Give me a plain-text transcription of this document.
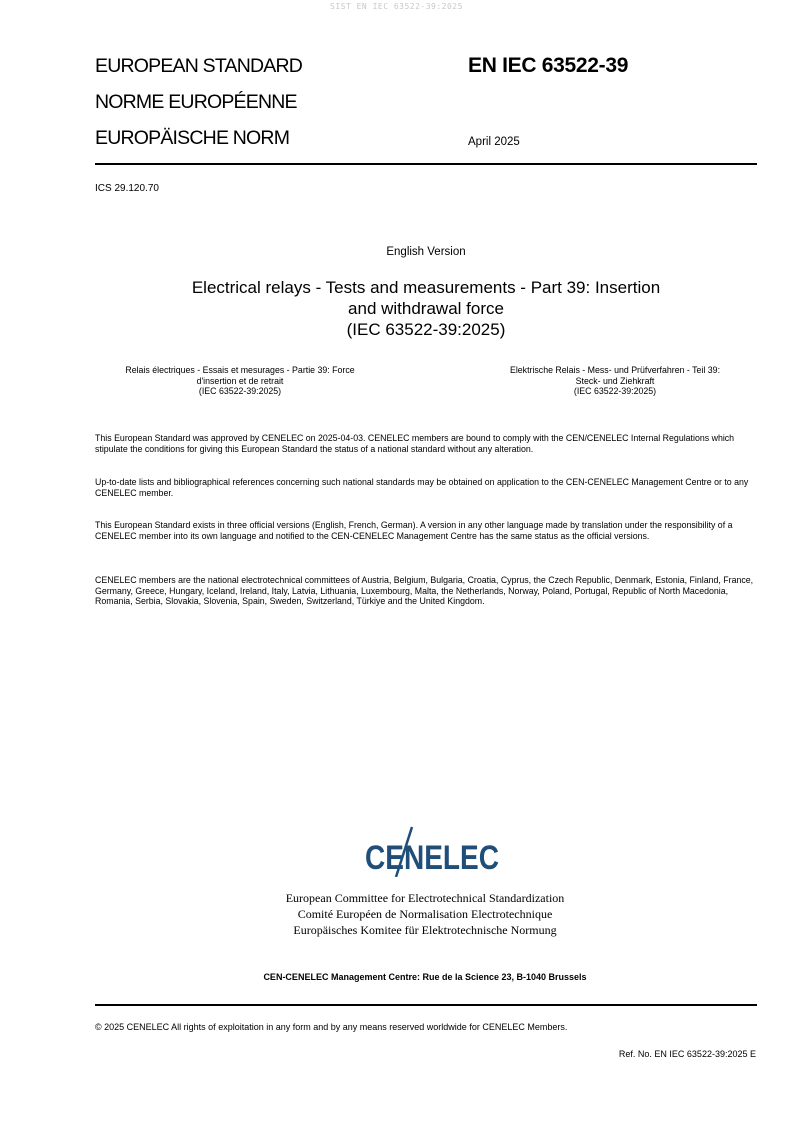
SIST EN IEC 63522-39:2025
EUROPEAN STANDARD
NORME EUROPÉENNE
EUROPÄISCHE NORM
EN IEC 63522-39
April 2025
ICS 29.120.70
English Version
Electrical relays - Tests and measurements - Part 39: Insertion
and withdrawal force
(IEC 63522-39:2025)
Relais électriques - Essais et mesurages - Partie 39: Force
d'insertion et de retrait
(IEC 63522-39:2025)
Elektrische Relais - Mess- und Prüfverfahren - Teil 39:
Steck- und Ziehkraft
(IEC 63522-39:2025)
This European Standard was approved by CENELEC on 2025-04-03. CENELEC members are bound to comply with the CEN/CENELEC Internal Regulations which stipulate the conditions for giving this European Standard the status of a national standard without any alteration.
Up-to-date lists and bibliographical references concerning such national standards may be obtained on application to the CEN-CENELEC Management Centre or to any CENELEC member.
This European Standard exists in three official versions (English, French, German). A version in any other language made by translation under the responsibility of a CENELEC member into its own language and notified to the CEN-CENELEC Management Centre has the same status as the official versions.
CENELEC members are the national electrotechnical committees of Austria, Belgium, Bulgaria, Croatia, Cyprus, the Czech Republic, Denmark, Estonia, Finland, France, Germany, Greece, Hungary, Iceland, Ireland, Italy, Latvia, Lithuania, Luxembourg, Malta, the Netherlands, Norway, Poland, Portugal, Republic of North Macedonia, Romania, Serbia, Slovakia, Slovenia, Spain, Sweden, Switzerland, Türkiye and the United Kingdom.
CENELEC
European Committee for Electrotechnical Standardization
Comité Européen de Normalisation Electrotechnique
Europäisches Komitee für Elektrotechnische Normung
CEN-CENELEC Management Centre: Rue de la Science 23, B-1040 Brussels
© 2025 CENELEC All rights of exploitation in any form and by any means reserved worldwide for CENELEC Members.
Ref. No. EN IEC 63522-39:2025 E
